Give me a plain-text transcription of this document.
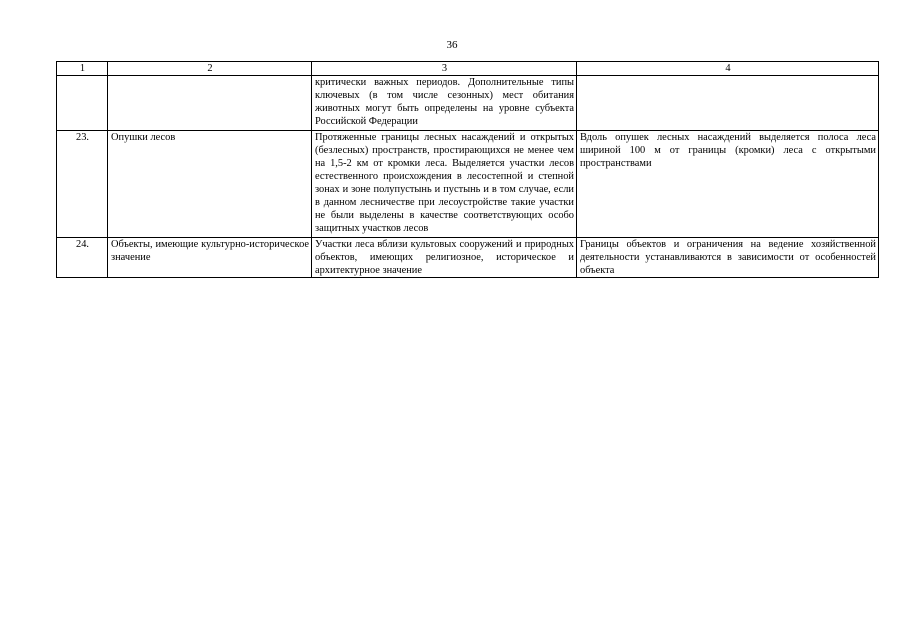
36
1	2	3	4
		критически важных периодов. Дополнительные типы ключевых (в том числе сезонных) мест обитания животных могут быть определены на уровне субъекта Российской Федерации	
23.	Опушки лесов	Протяженные границы лесных насаждений и открытых (безлесных) пространств, простирающихся не менее чем на 1,5-2 км от кромки леса. Выделяется участки лесов естественного происхождения в лесостепной и степной зонах и зоне полупустынь и пустынь и в том случае, если в данном лесничестве при лесоустройстве такие участки не были выделены в качестве соответствующих особо защитных участков лесов	Вдоль опушек лесных насаждений выделяется полоса леса шириной 100 м от границы (кромки) леса с открытыми пространствами
24.	Объекты, имеющие культурно-историческое значение	Участки леса вблизи культовых сооружений и природных объектов, имеющих религиозное, историческое и архитектурное значение	Границы объектов и ограничения на ведение хозяйственной деятельности устанавливаются в зависимости от особенностей объекта
